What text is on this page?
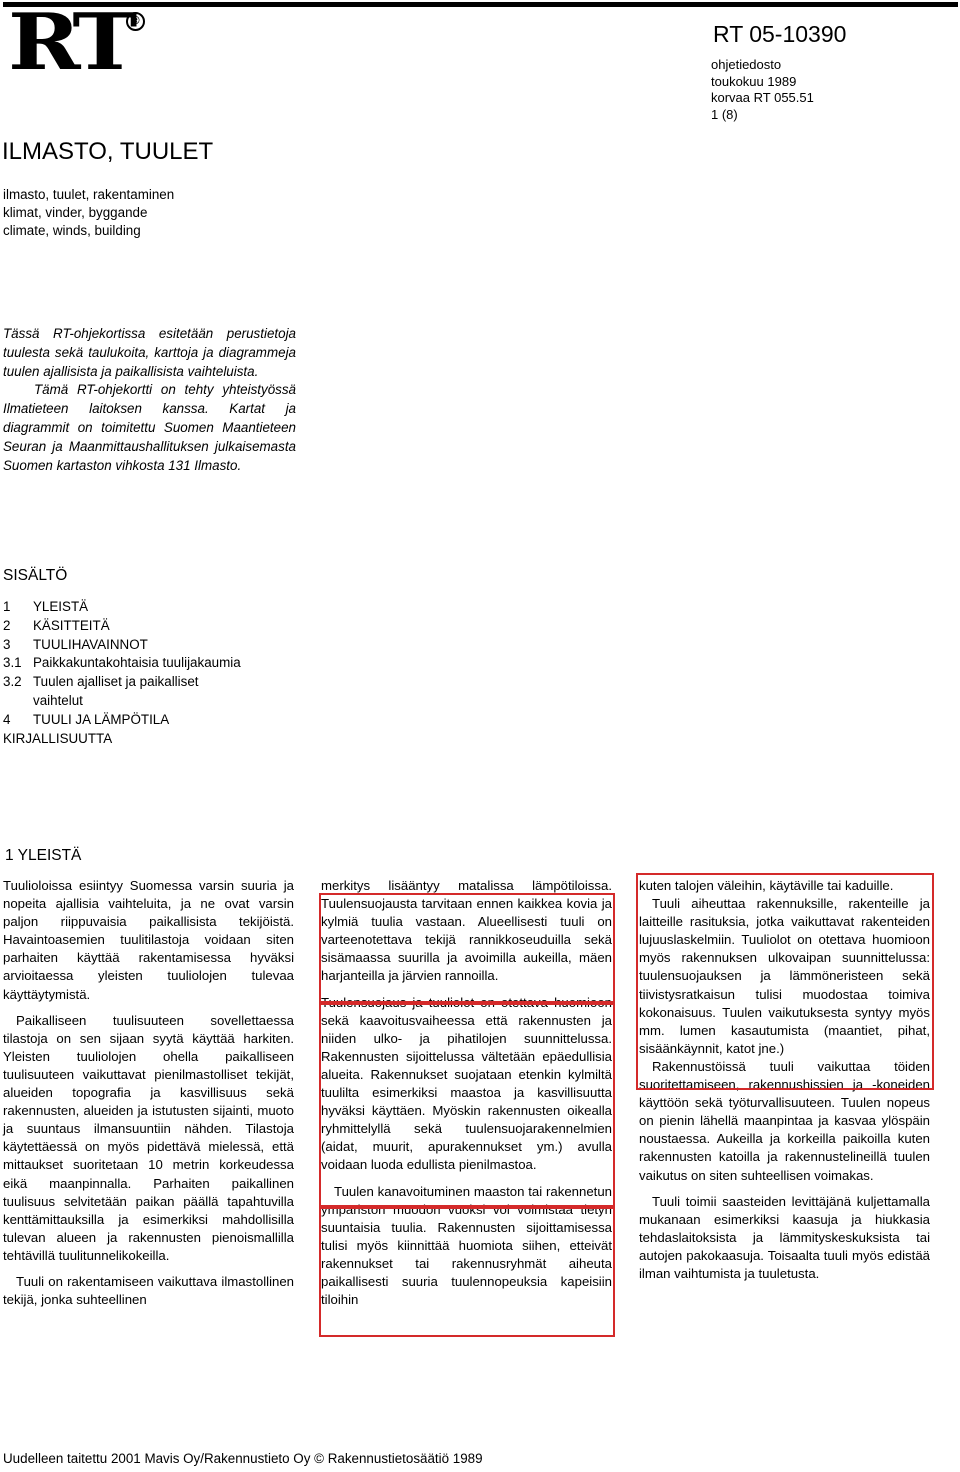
RT ®	RT 05-10390
ohjetiedosto
toukokuu 1989
korvaa RT 055.51
1 (8)
ILMASTO, TUULET
ilmasto, tuulet, rakentaminen
klimat, vinder, byggande
climate, winds, building

Tässä RT-ohjekortissa esitetään perustietoja tuulesta sekä taulukoita, karttoja ja diagrammeja tuulen ajallisista ja paikallisista vaihteluista.

Tämä RT-ohjekortti on tehty yhteistyössä Ilmatieteen laitoksen kanssa. Kartat ja diagrammit on toimitettu Suomen Maantieteen Seuran ja Maanmittaushallituksen julkaisemasta Suomen kartaston vihkosta 131 Ilmasto.

SISÄLTÖ
1	YLEISTÄ
2	KÄSITTEITÄ
3	TUULIHAVAINNOT
3.1 Paikkakuntakohtaisia tuulijakaumia
3.2 Tuulen ajalliset ja paikalliset
vaihtelut
4	TUULI JA LÄMPÖTILA
KIRJALLISUUTTA
1 YLEISTÄ

Tuulioloissa esiintyy Suomessa varsin suuria ja nopeita ajallisia vaihteluita, ja ne ovat varsin paljon riippuvaisia paikallisista tekijöistä. Havaintoasemien tuulitilastoja voidaan siten parhaiten käyttää rakentamisessa hyväksi arvioitaessa yleisten tuuliolojen tulevaa käyttäytymistä.

Paikalliseen tuulisuuteen sovellettaessa tilastoja on sen sijaan syytä käyttää harkiten. Yleisten tuuliolojen ohella paikalliseen tuulisuuteen vaikuttavat pienilmastolliset tekijät, alueiden topografia ja kasvillisuus sekä rakennusten, alueiden ja istutusten sijainti, muoto ja suuntaus ilmansuuntiin nähden. Tilastoja käytettäessä on myös pidettävä mielessä, että mittaukset suoritetaan 10 metrin korkeudessa eikä maanpinnalla. Parhaiten paikallinen tuulisuus selvitetään paikan päällä tapahtuvilla kenttämittauksilla ja esimerkiksi mahdollisilla tulevan alueen ja rakennusten pienoismallilla tehtävillä tuulitunnelikokeilla.

Tuuli on rakentamiseen vaikuttava ilmastollinen tekijä, jonka suhteellinen

merkitys lisääntyy matalissa lämpötiloissa. Tuulensuojausta tarvitaan ennen kaikkea kovia ja kylmiä tuulia vastaan. Alueellisesti tuuli on varteenotettava tekijä rannikkoseuduilla sekä sisämaassa suurilla ja avoimilla aukeilla, mäen harjanteilla ja järvien rannoilla.

Tuulensuojaus ja tuuliolot on otettava huomioon sekä kaavoitusvaiheessa että rakennusten ja niiden ulko- ja pihatilojen suunnittelussa. Rakennusten sijoittelussa vältetään epäedullisia alueita. Rakennukset suojataan etenkin kylmiltä tuulilta esimerkiksi maastoa ja kasvillisuutta hyväksi käyttäen. Myöskin rakennusten oikealla ryhmittelyllä sekä tuulensuojarakennelmien (aidat, muurit, apurakennukset ym.) avulla voidaan luoda edullista pienilmastoa.

Tuulen kanavoituminen maaston tai rakennetun ympäristön muodon vuoksi voi voimistaa tietyn suuntaisia tuulia. Rakennusten sijoittamisessa tulisi myös kiinnittää huomiota siihen, etteivät rakennukset tai rakennusryhmät aiheuta paikallisesti suuria tuulennopeuksia kapeisiin tiloihin

kuten talojen väleihin, käytäville tai kaduille.

Tuuli aiheuttaa rakennuksille, rakenteille ja laitteille rasituksia, jotka vaikuttavat rakenteiden lujuuslaskelmiin. Tuuliolot on otettava huomioon myös rakennuksen ulkovaipan suunnittelussa: tuulensuojauksen ja lämmöneristeen sekä tiivistysratkaisun tulisi muodostaa toimiva kokonaisuus. Tuulen vaikutuksesta syntyy myös mm. lumen kasautumista (maantiet, pihat, sisäänkäynnit, katot jne.)

Rakennustöissä tuuli vaikuttaa töiden suoritettamiseen, rakennushissien ja -koneiden käyttöön sekä työturvallisuuteen. Tuulen nopeus on pienin lähellä maanpintaa ja kasvaa ylöspäin noustaessa. Aukeilla ja korkeilla paikoilla kuten rakennusten katoilla ja rakennustelineillä tuulen vaikutus on siten suhteellisen voimakas.

Tuuli toimii saasteiden levittäjänä kuljettamalla mukanaan esimerkiksi kaasuja ja hiukkasia tehdaslaitoksista ja lämmityskeskuksista tai autojen pakokaasuja. Toisaalta tuuli myös edistää ilman vaihtumista ja tuuletusta.

Uudelleen taitettu 2001 Mavis Oy/Rakennustieto Oy © Rakennustietosäätiö 1989
